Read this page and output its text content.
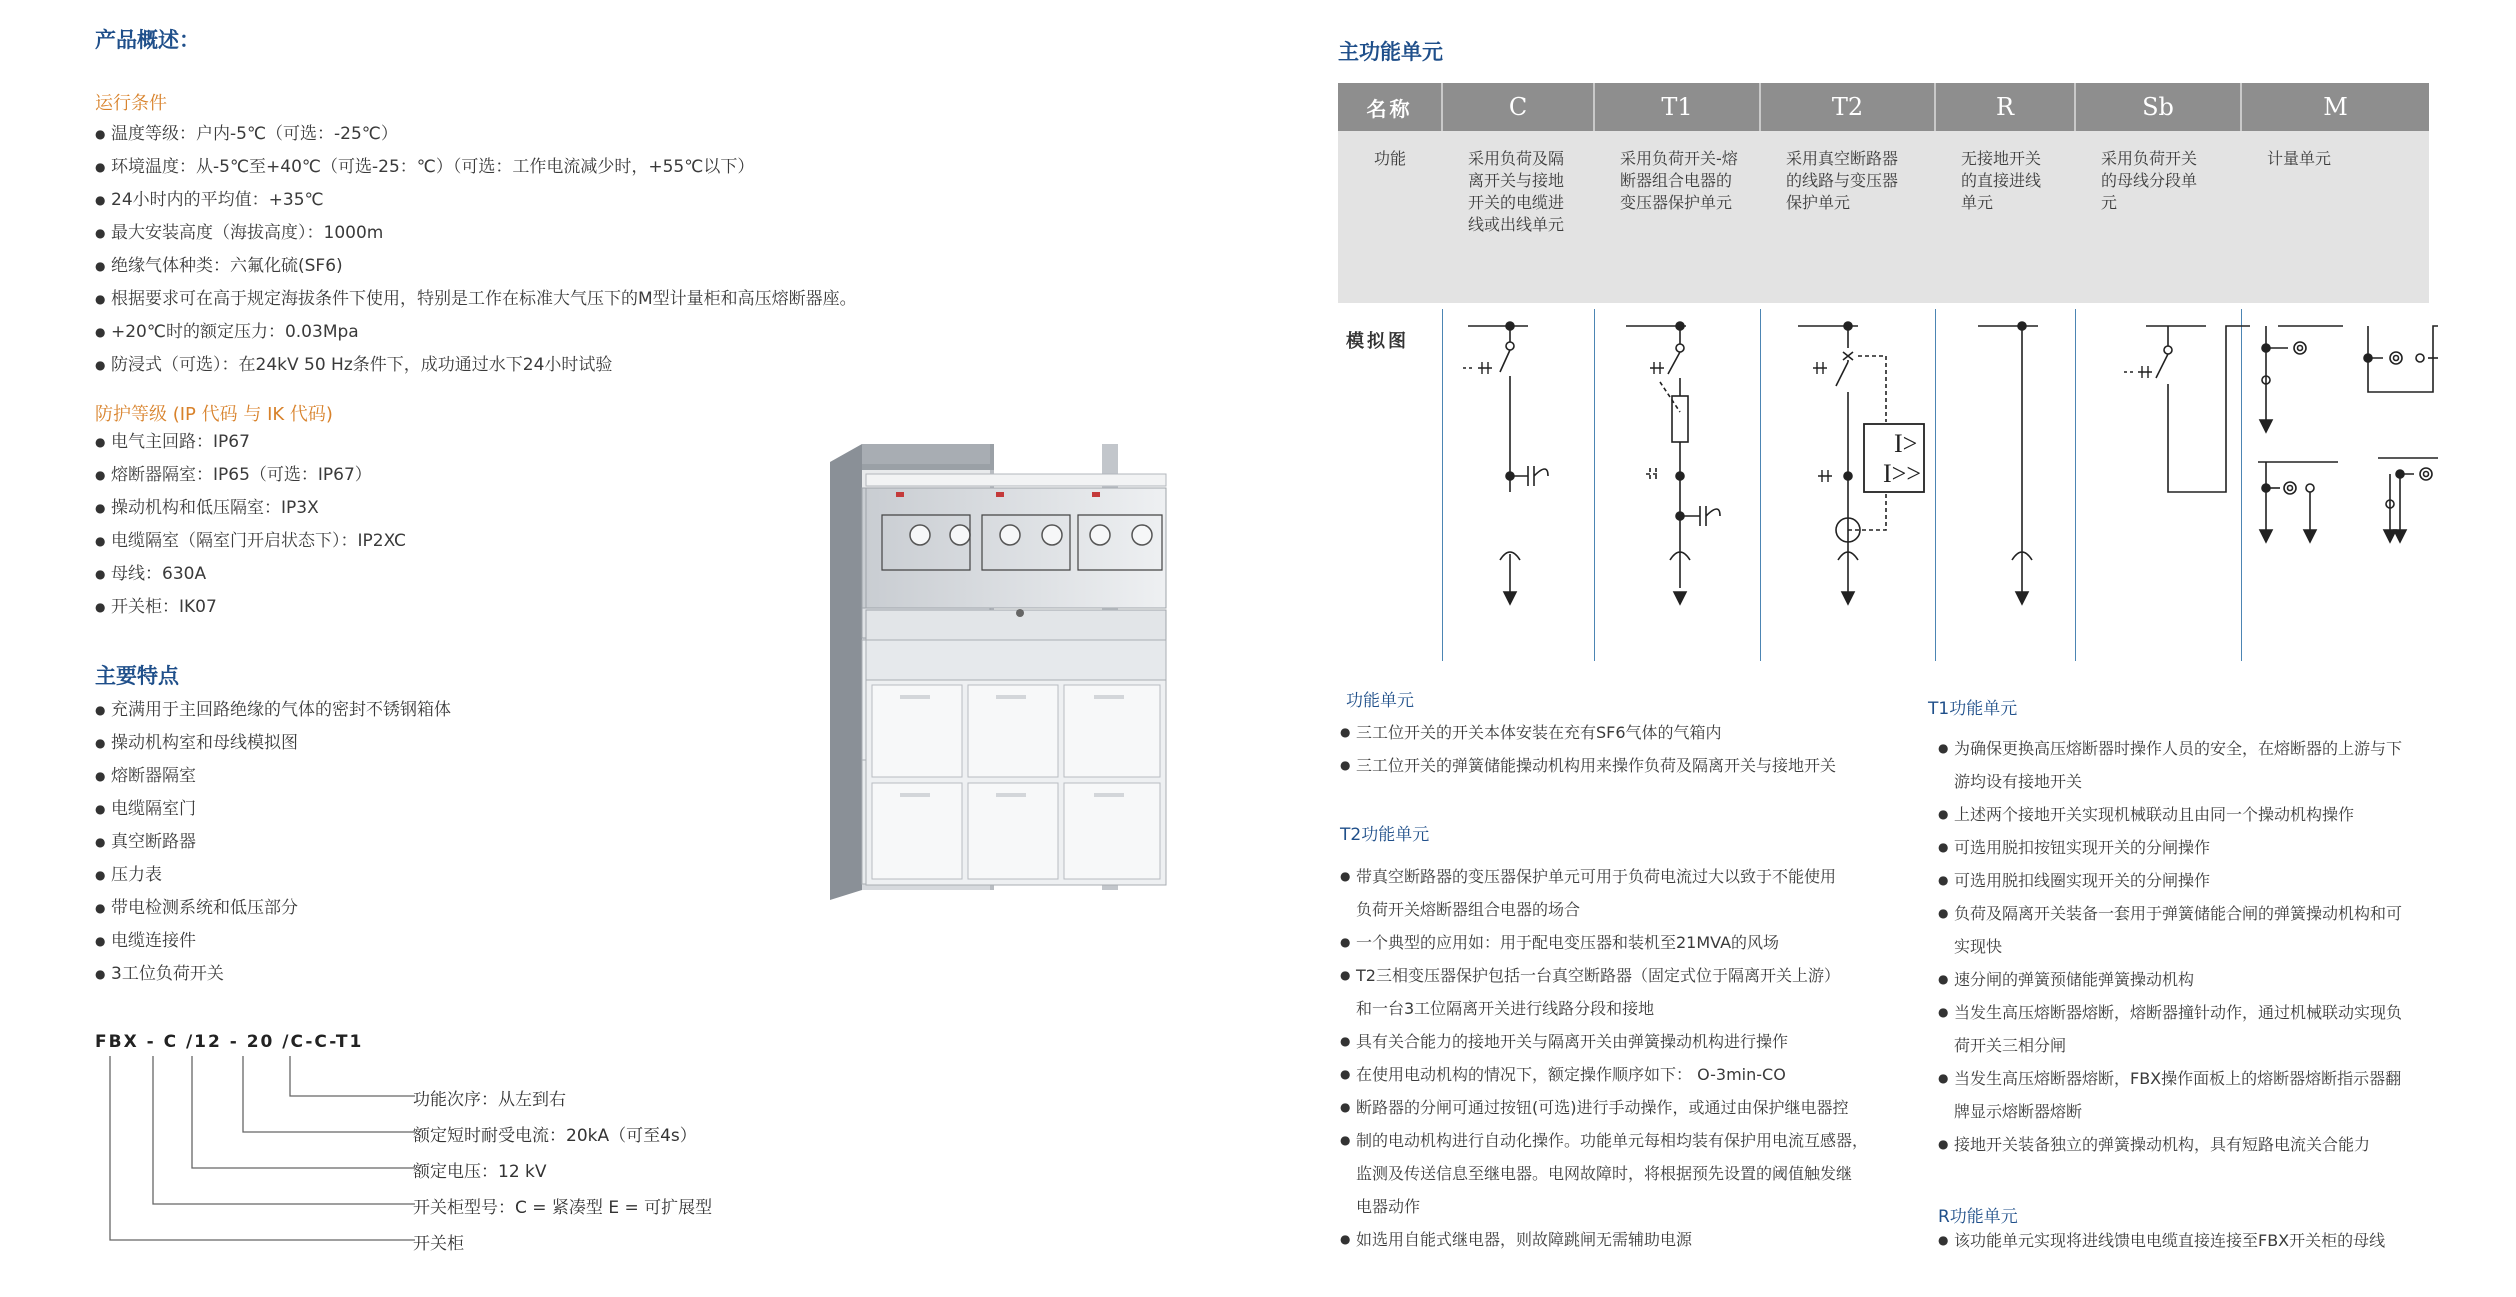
产品概述：
运行条件
● 温度等级：户内-5℃（可选：-25℃）
● 环境温度：从-5℃至+40℃（可选-25：℃）（可选：工作电流减少时，+55℃以下）
● 24小时内的平均值：+35℃
● 最大安装高度（海拔高度）：1000m
● 绝缘气体种类：六氟化硫(SF6)
● 根据要求可在高于规定海拔条件下使用，特别是工作在标准大气压下的M型计量柜和高压熔断器座。
● +20℃时的额定压力：0.03Mpa
● 防浸式（可选）：在24kV 50 Hz条件下，成功通过水下24小时试验
防护等级 (IP 代码 与 IK 代码)
● 电气主回路：IP67
● 熔断器隔室：IP65（可选：IP67）
● 操动机构和低压隔室：IP3X
● 电缆隔室（隔室门开启状态下）：IP2XC
● 母线：630A
● 开关柜：IK07
主要特点
● 充满用于主回路绝缘的气体的密封不锈钢箱体
● 操动机构室和母线模拟图
● 熔断器隔室
● 电缆隔室门
● 真空断路器
● 压力表
● 带电检测系统和低压部分
● 电缆连接件
● 3工位负荷开关
FBX - C /12 - 20 /C-C-T1
功能次序：从左到右
额定短时耐受电流：20kA（可至4s）
额定电压：12 kV
开关柜型号：C = 紧凑型 E = 可扩展型
开关柜
主功能单元
名称	C	T1	T2	R	Sb	M
功能	采用负荷及隔离开关与接地开关的电缆进线或出线单元	采用负荷开关-熔断器组合电器的变压器保护单元	采用真空断路器的线路与变压器保护单元	无接地开关的直接进线单元	采用负荷开关的母线分段单元	计量单元

模拟图						

I>
I>>
功能单元
● 三工位开关的开关本体安装在充有SF6气体的气箱内
● 三工位开关的弹簧储能操动机构用来操作负荷及隔离开关与接地开关
T2功能单元
● 带真空断路器的变压器保护单元可用于负荷电流过大以致于不能使用
负荷开关熔断器组合电器的场合
● 一个典型的应用如：用于配电变压器和装机至21MVA的风场
● T2三相变压器保护包括一台真空断路器（固定式位于隔离开关上游）
和一台3工位隔离开关进行线路分段和接地
● 具有关合能力的接地开关与隔离开关由弹簧操动机构进行操作
● 在使用电动机构的情况下，额定操作顺序如下： O-3min-CO
● 断路器的分闸可通过按钮(可选)进行手动操作，或通过由保护继电器控
● 制的电动机构进行自动化操作。功能单元每相均装有保护用电流互感器，
监测及传送信息至继电器。电网故障时，将根据预先设置的阈值触发继
电器动作
● 如选用自能式继电器，则故障跳闸无需辅助电源
T1功能单元
● 为确保更换高压熔断器时操作人员的安全，在熔断器的上游与下
游均设有接地开关
● 上述两个接地开关实现机械联动且由同一个操动机构操作
● 可选用脱扣按钮实现开关的分闸操作
● 可选用脱扣线圈实现开关的分闸操作
● 负荷及隔离开关装备一套用于弹簧储能合闸的弹簧操动机构和可
实现快
● 速分闸的弹簧预储能弹簧操动机构
● 当发生高压熔断器熔断，熔断器撞针动作，通过机械联动实现负
荷开关三相分闸
● 当发生高压熔断器熔断，FBX操作面板上的熔断器熔断指示器翻
牌显示熔断器熔断
● 接地开关装备独立的弹簧操动机构，具有短路电流关合能力
R功能单元
● 该功能单元实现将进线馈电电缆直接连接至FBX开关柜的母线
